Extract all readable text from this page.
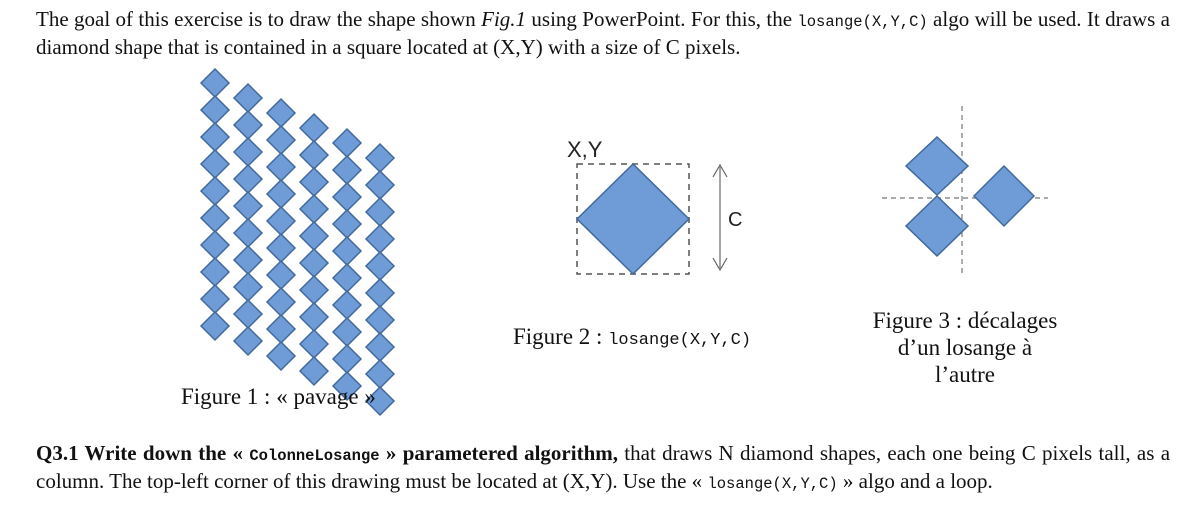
The goal of this exercise is to draw the shape shown Fig.1 using PowerPoint. For this, the losange(X,Y,C) algo will be used. It draws a diamond shape that is contained in a square located at (X,Y) with a size of C pixels.
X,Y
C
Figure 1 : « pavage »
Figure 2 : losange(X,Y,C)
Figure 3 : décalages
d’un losange à
l’autre
Q3.1 Write down the « ColonneLosange » parametered algorithm, that draws N diamond shapes, each one being C pixels tall, as a column. The top-left corner of this drawing must be located at (X,Y). Use the « losange(X,Y,C) » algo and a loop.
